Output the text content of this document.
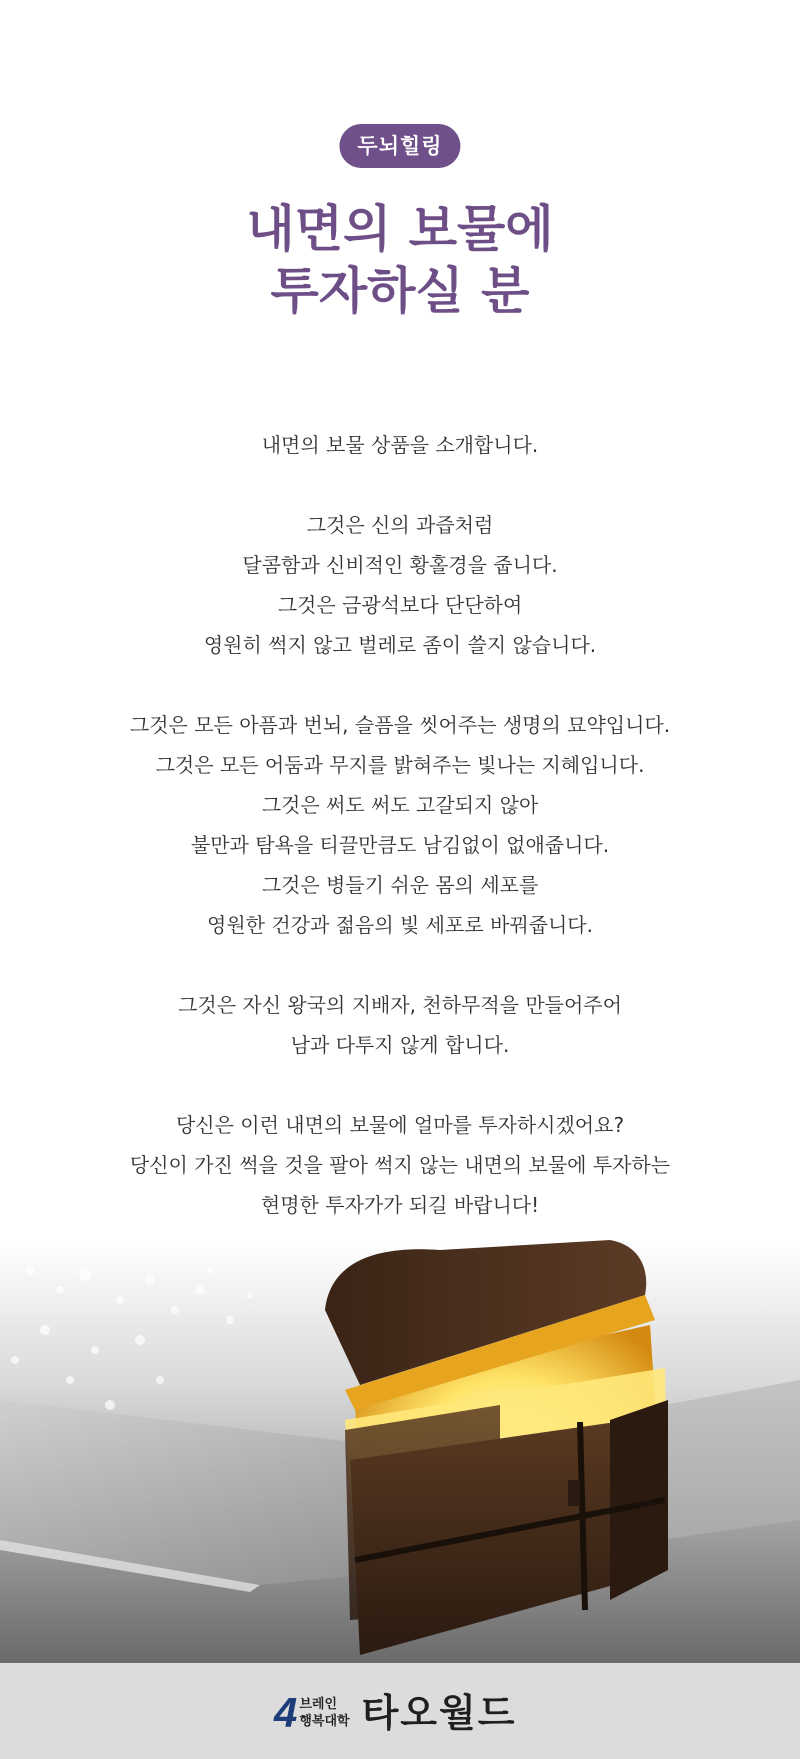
두뇌힐링
내면의 보물에
투자하실 분
내면의 보물 상품을 소개합니다.
그것은 신의 과즙처럼
달콤함과 신비적인 황홀경을 줍니다.
그것은 금광석보다 단단하여
영원히 썩지 않고 벌레로 좀이 쓸지 않습니다.
그것은 모든 아픔과 번뇌, 슬픔을 씻어주는 생명의 묘약입니다.
그것은 모든 어둠과 무지를 밝혀주는 빛나는 지혜입니다.
그것은 써도 써도 고갈되지 않아
불만과 탐욕을 티끌만큼도 남김없이 없애줍니다.
그것은 병들기 쉬운 몸의 세포를
영원한 건강과 젊음의 빛 세포로 바꿔줍니다.
그것은 자신 왕국의 지배자, 천하무적을 만들어주어
남과 다투지 않게 합니다.
당신은 이런 내면의 보물에 얼마를 투자하시겠어요?
당신이 가진 썩을 것을 팔아 썩지 않는 내면의 보물에 투자하는
현명한 투자가가 되길 바랍니다!
4 브레인
행복대학 타오월드
